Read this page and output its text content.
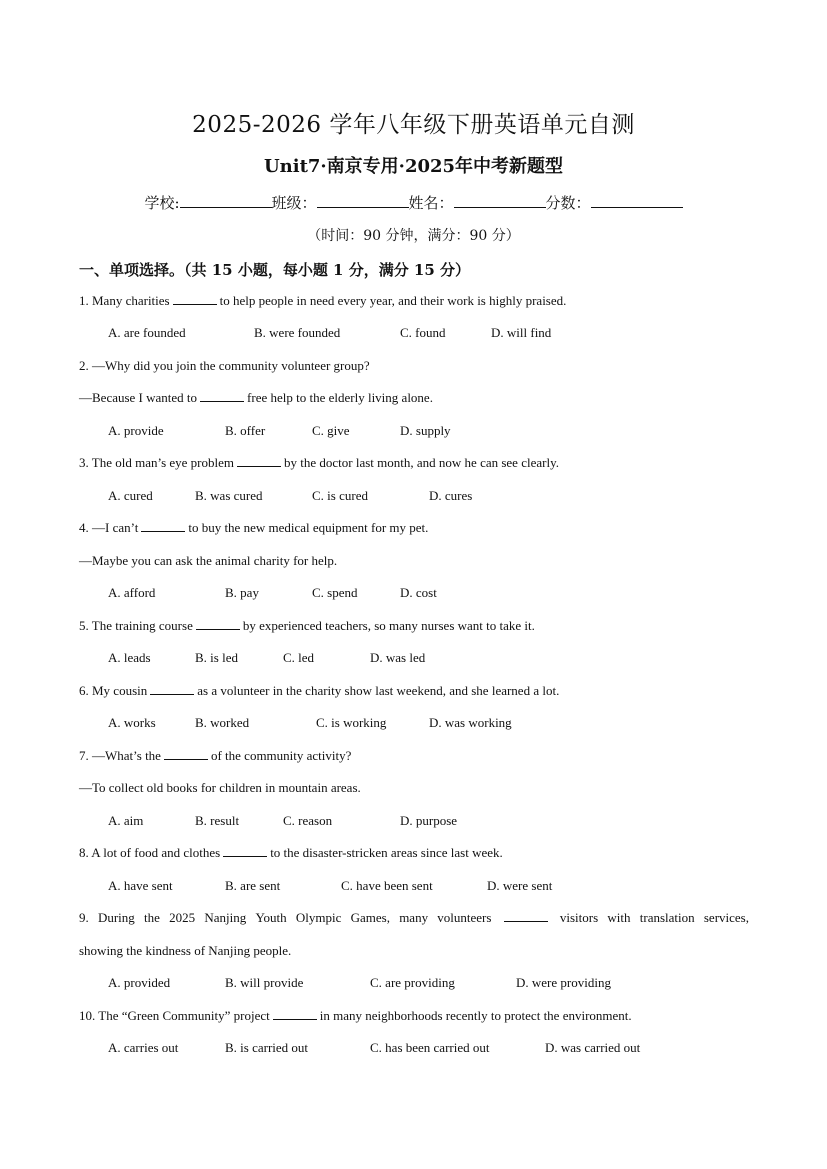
2025-2026 学年八年级下册英语单元自测
Unit7·南京专用·2025年中考新题型
学校:	班级：	姓名：	分数：
（时间：90 分钟，满分：90 分）
一、单项选择。（共 15 小题，每小题 1 分，满分 15 分）
1. Many charities	to help people in need every year, and their work is highly praised.
A. are founded	B. were founded	C. found	D. will find
2. —Why did you join the community volunteer group?
—Because I wanted to	free help to the elderly living alone.
A. provide	B. offer	C. give	D. supply
3. The old man’s eye problem	by the doctor last month, and now he can see clearly.
A. cured	B. was cured	C. is cured	D. cures
4. —I can’t	to buy the new medical equipment for my pet.
—Maybe you can ask the animal charity for help.
A. afford	B. pay	C. spend	D. cost
5. The training course	by experienced teachers, so many nurses want to take it.
A. leads	B. is led	C. led	D. was led
6. My cousin	as a volunteer in the charity show last weekend, and she learned a lot.
A. works	B. worked	C. is working	D. was working
7. —What’s the	of the community activity?
—To collect old books for children in mountain areas.
A. aim	B. result	C. reason	D. purpose
8. A lot of food and clothes	to the disaster-stricken areas since last week.
A. have sent	B. are sent	C. have been sent	D. were sent
9. During the 2025 Nanjing Youth Olympic Games, many volunteers	visitors with translation services,
showing the kindness of Nanjing people.
A. provided	B. will provide	C. are providing	D. were providing
10. The “Green Community” project	in many neighborhoods recently to protect the environment.
A. carries out	B. is carried out	C. has been carried out	D. was carried out
